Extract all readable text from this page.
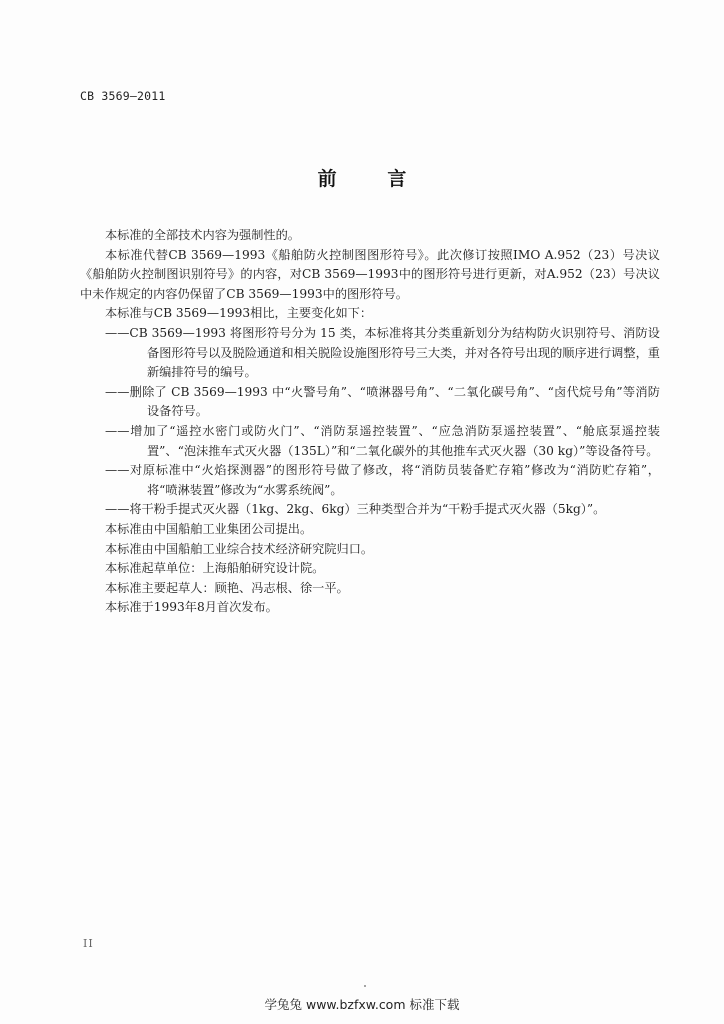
CB 3569—2011
前	言

本标准的全部技术内容为强制性的。

本标准代替CB 3569—1993《船舶防火控制图图形符号》。此次修订按照IMO A.952（23）号决议《船舶防火控制图识别符号》的内容，对CB 3569—1993中的图形符号进行更新，对A.952（23）号决议中未作规定的内容仍保留了CB 3569—1993中的图形符号。

本标准与CB 3569—1993相比，主要变化如下：

——CB 3569—1993 将图形符号分为 15 类，本标准将其分类重新划分为结构防火识别符号、消防设备图形符号以及脱险通道和相关脱险设施图形符号三大类，并对各符号出现的顺序进行调整，重新编排符号的编号。

——删除了 CB 3569—1993 中“火警号角”、“喷淋器号角”、“二氧化碳号角”、“卤代烷号角”等消防设备符号。

——增加了“遥控水密门或防火门”、“消防泵遥控装置”、“应急消防泵遥控装置”、“舱底泵遥控装置”、“泡沫推车式灭火器（135L）”和“二氧化碳外的其他推车式灭火器（30 kg）”等设备符号。

——对原标准中“火焰探测器”的图形符号做了修改，将“消防员装备贮存箱”修改为“消防贮存箱”，将“喷淋装置”修改为“水雾系统阀”。

——将干粉手提式灭火器（1kg、2kg、6kg）三种类型合并为“干粉手提式灭火器（5kg）”。

本标准由中国船舶工业集团公司提出。

本标准由中国船舶工业综合技术经济研究院归口。

本标准起草单位：上海船舶研究设计院。

本标准主要起草人：顾艳、冯志根、徐一平。

本标准于1993年8月首次发布。

II
学兔兔 www.bzfxw.com 标准下载
